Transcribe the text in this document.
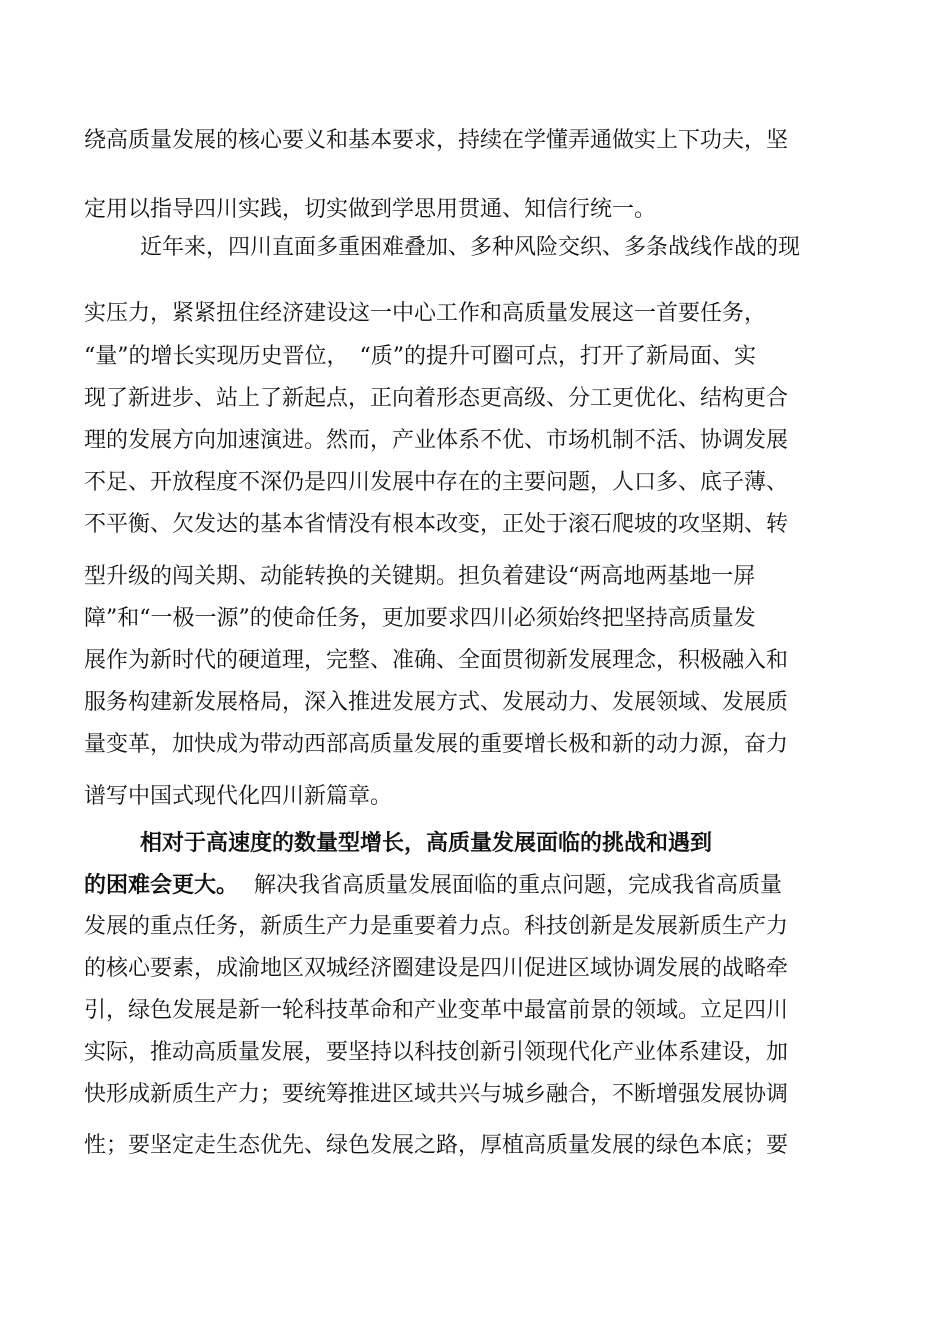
绕高质量发展的核心要义和基本要求，持续在学懂弄通做实上下功夫，坚

定用以指导四川实践，切实做到学思用贯通、知信行统一。

近年来，四川直面多重困难叠加、多种风险交织、多条战线作战的现

实压力，紧紧扭住经济建设这一中心工作和高质量发展这一首要任务，

“量”的增长实现历史晋位，　“质”的提升可圈可点，打开了新局面、实

现了新进步、站上了新起点，正向着形态更高级、分工更优化、结构更合

理的发展方向加速演进。然而，产业体系不优、市场机制不活、协调发展

不足、开放程度不深仍是四川发展中存在的主要问题，人口多、底子薄、

不平衡、欠发达的基本省情没有根本改变，正处于滚石爬坡的攻坚期、转

型升级的闯关期、动能转换的关键期。担负着建设“两高地两基地一屏

障”和“一极一源”的使命任务，更加要求四川必须始终把坚持高质量发

展作为新时代的硬道理，完整、准确、全面贯彻新发展理念，积极融入和

服务构建新发展格局，深入推进发展方式、发展动力、发展领域、发展质

量变革，加快成为带动西部高质量发展的重要增长极和新的动力源，奋力

谱写中国式现代化四川新篇章。

相对于高速度的数量型增长，高质量发展面临的挑战和遇到

的困难会更大。 解决我省高质量发展面临的重点问题，完成我省高质量

发展的重点任务，新质生产力是重要着力点。科技创新是发展新质生产力

的核心要素，成渝地区双城经济圈建设是四川促进区域协调发展的战略牵

引，绿色发展是新一轮科技革命和产业变革中最富前景的领域。立足四川

实际，推动高质量发展，要坚持以科技创新引领现代化产业体系建设，加

快形成新质生产力；要统筹推进区域共兴与城乡融合，不断增强发展协调

性；要坚定走生态优先、绿色发展之路，厚植高质量发展的绿色本底；要
